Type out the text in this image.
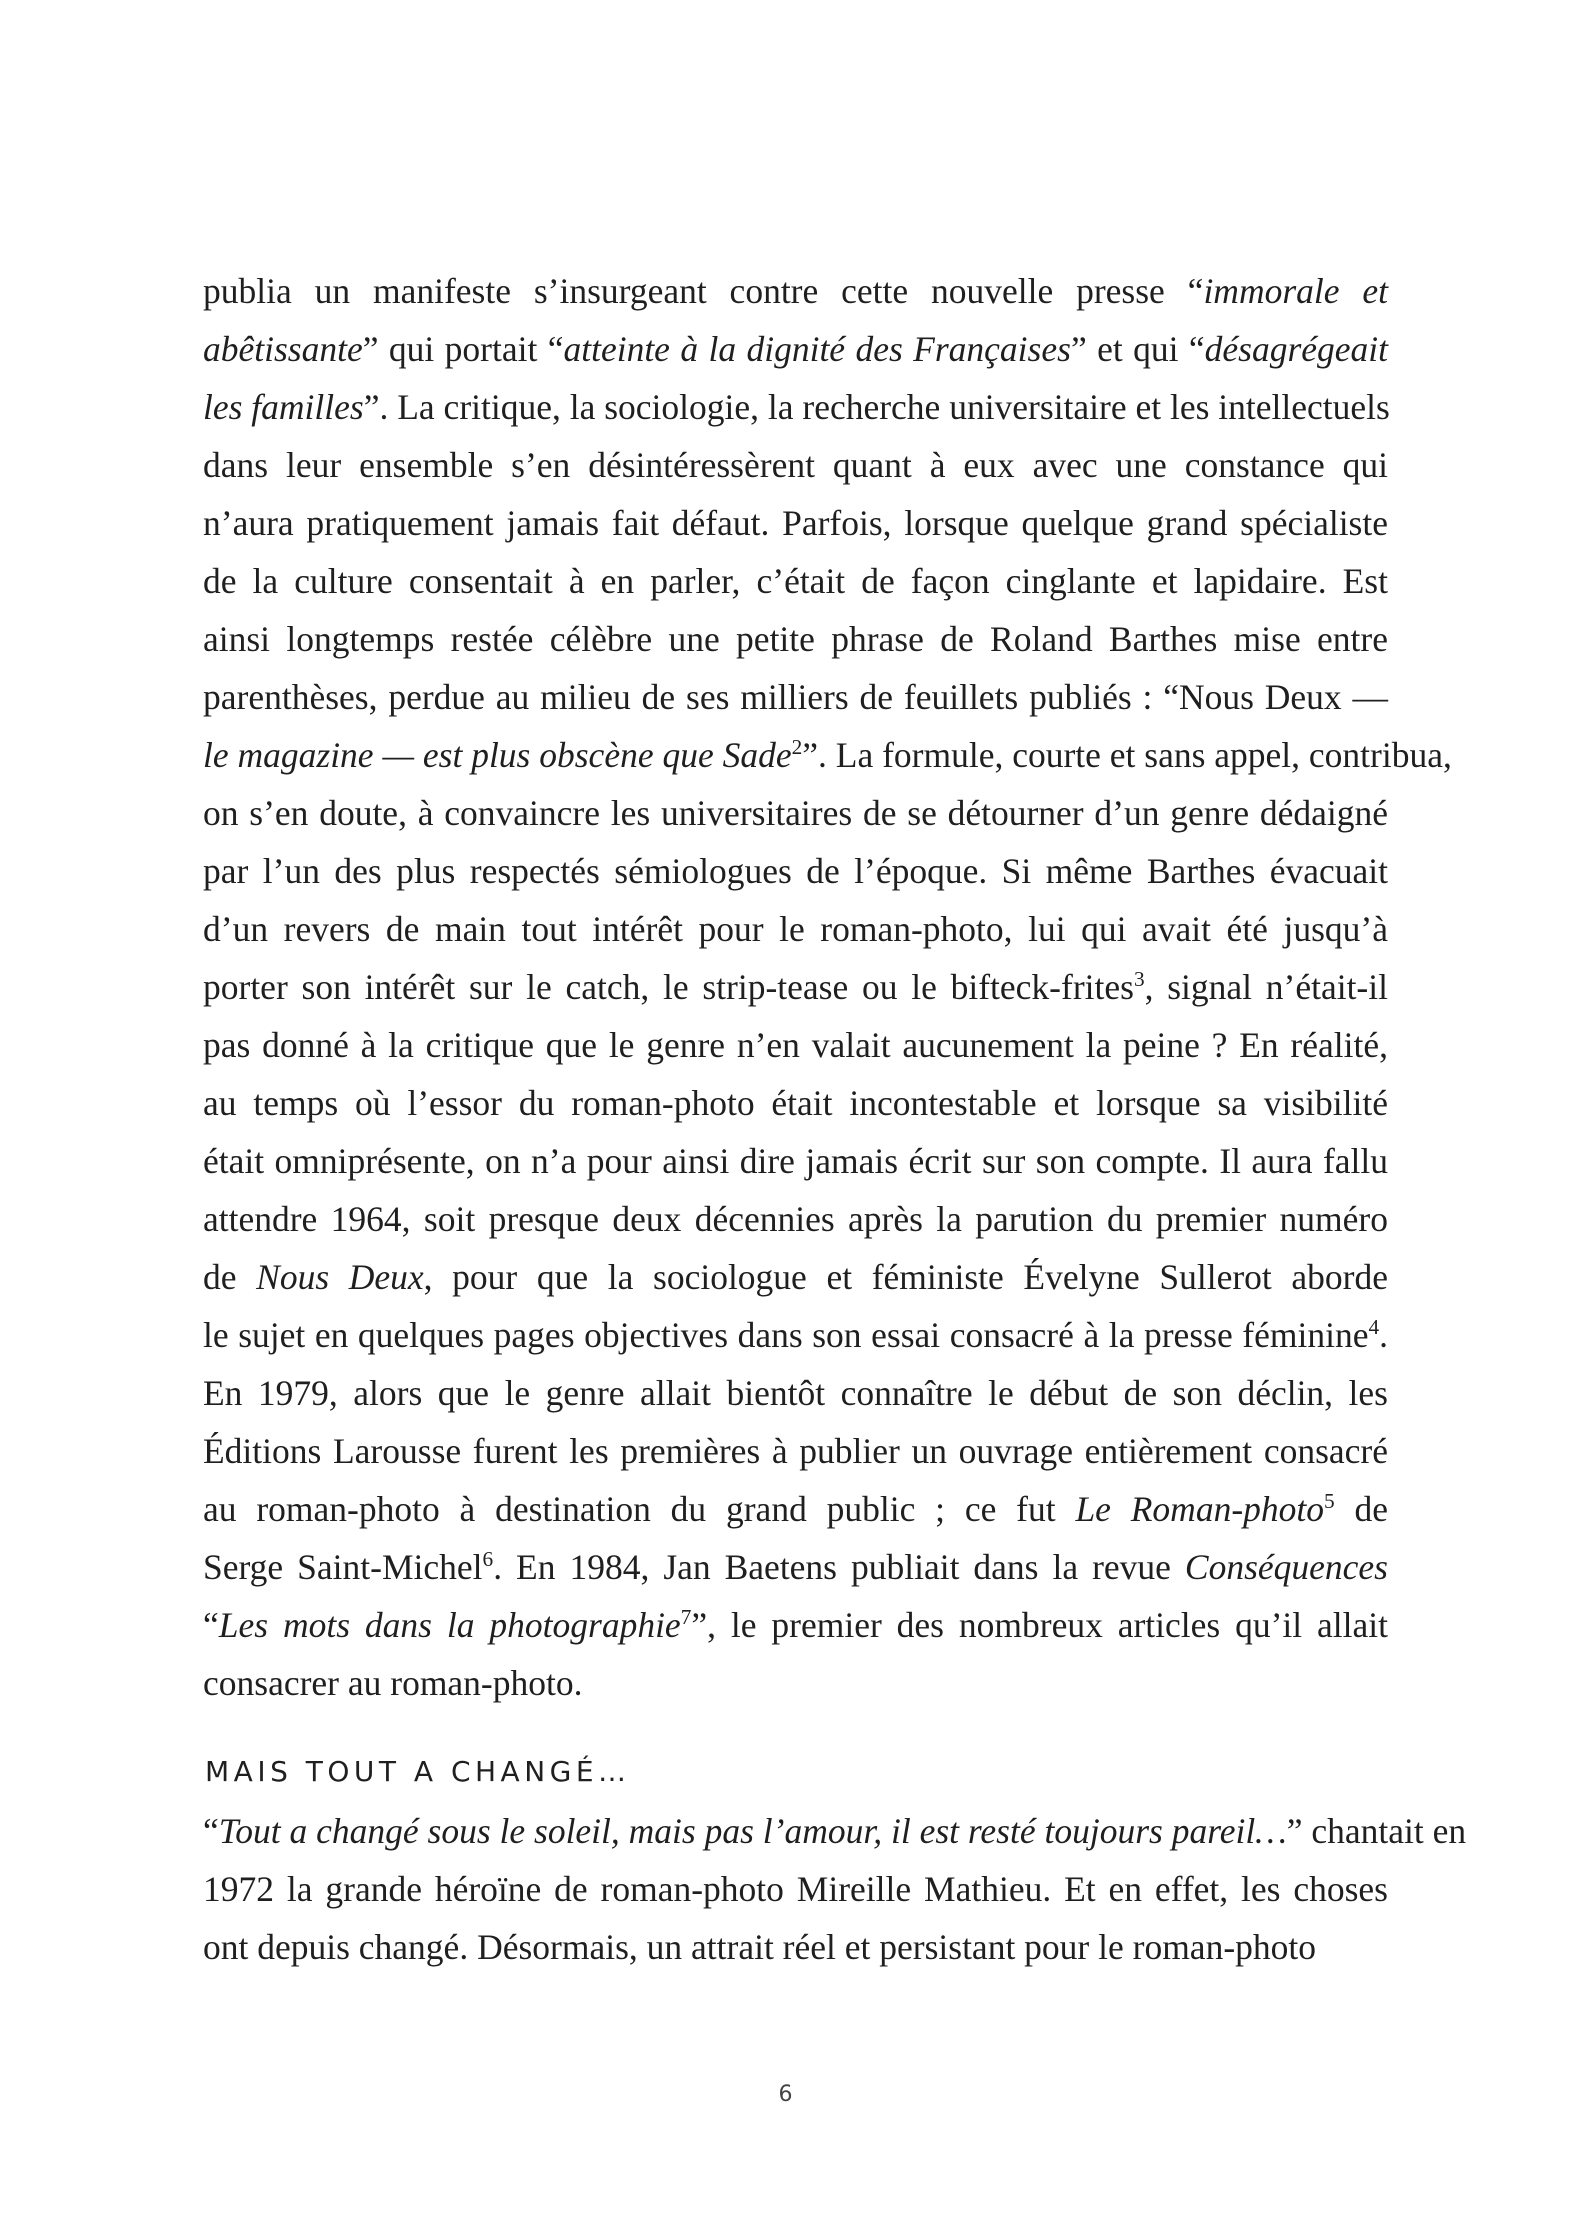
publia un manifeste s’insurgeant contre cette nouvelle presse “immorale et
abêtissante” qui portait “atteinte à la dignité des Françaises” et qui “désagrégeait
les familles”. La critique, la sociologie, la recherche universitaire et les intellectuels
dans leur ensemble s’en désintéressèrent quant à eux avec une constance qui
n’aura pratiquement jamais fait défaut. Parfois, lorsque quelque grand spécialiste
de la culture consentait à en parler, c’était de façon cinglante et lapidaire. Est
ainsi longtemps restée célèbre une petite phrase de Roland Barthes mise entre
parenthèses, perdue au milieu de ses milliers de feuillets publiés : “Nous Deux —
le magazine — est plus obscène que Sade$^2$”. La formule, courte et sans appel, contribua,
on s’en doute, à convaincre les universitaires de se détourner d’un genre dédaigné
par l’un des plus respectés sémiologues de l’époque. Si même Barthes évacuait
d’un revers de main tout intérêt pour le roman-photo, lui qui avait été jusqu’à
porter son intérêt sur le catch, le strip-tease ou le bifteck-frites$^3$, signal n’était-il
pas donné à la critique que le genre n’en valait aucunement la peine ? En réalité,
au temps où l’essor du roman-photo était incontestable et lorsque sa visibilité
était omniprésente, on n’a pour ainsi dire jamais écrit sur son compte. Il aura fallu
attendre 1964, soit presque deux décennies après la parution du premier numéro
de Nous Deux, pour que la sociologue et féministe Évelyne Sullerot aborde
le sujet en quelques pages objectives dans son essai consacré à la presse féminine$^4$.
En 1979, alors que le genre allait bientôt connaître le début de son déclin, les
Éditions Larousse furent les premières à publier un ouvrage entièrement consacré
au roman-photo à destination du grand public ; ce fut Le Roman-photo$^5$ de
Serge Saint-Michel$^6$. En 1984, Jan Baetens publiait dans la revue Conséquences
“Les mots dans la photographie$^7$”, le premier des nombreux articles qu’il allait
consacrer au roman-photo.
MAIS TOUT A CHANGÉ…
“Tout a changé sous le soleil, mais pas l’amour, il est resté toujours pareil…” chantait en
1972 la grande héroïne de roman-photo Mireille Mathieu. Et en effet, les choses
ont depuis changé. Désormais, un attrait réel et persistant pour le roman-photo
6
